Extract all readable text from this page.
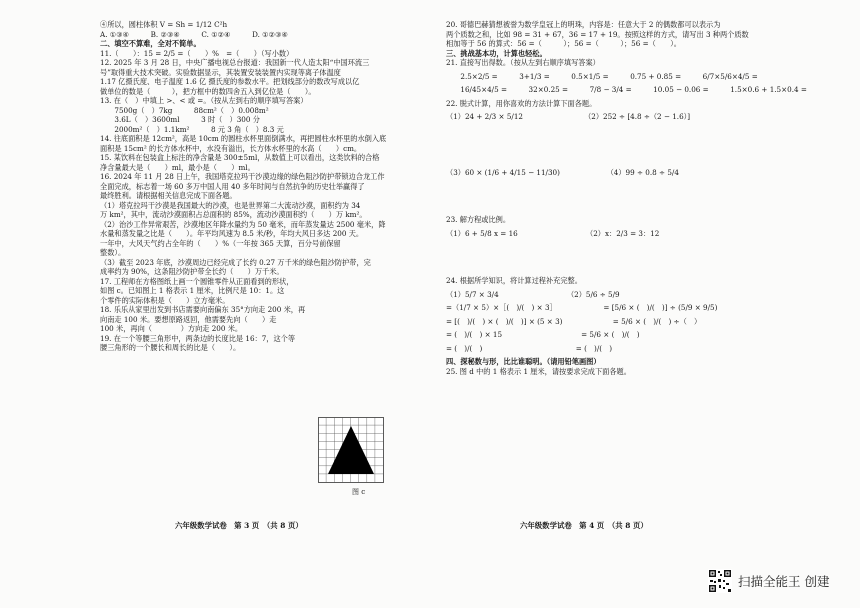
④所以，圆柱体积 V = Sh = 1/12 C²h
A. ①③④　　　B. ②③④　　　C. ①②④　　　D. ①②③④
二、填空不算难，全对不简单。
11.（　　）：15 = 2/5 =（　　）%　=（　　）（写小数）
12. 2025 年 3 月 28 日，中央广播电视总台报道：我国新一代人造太阳“中国环流三
号”取得重大技术突破。实验数据显示，其装置安装装置内实现等离子体温度
1.17 亿摄氏度、电子温度 1.6 亿 摄氏度的参数水平。把划线部分的数改写成以亿
做单位的数是（　　　），把方框中的数四舍五入到亿位是（　　）。
13. 在（　）中填上 >、< 或 =。（按从左到右的顺序填写答案）
　　7500g（　）7kg　　　88cm²（　）0.008m²
　　3.6L（　）3600ml　　　3 时（　）300 分
　　2000m²（　）1.1km²　　　8 元 3 角（　）8.3 元
14. 往底面积是 12cm²，高是 10cm 的圆柱水杯里面倒满水，再把圆柱水杯里的水倒入底
面积是 15cm² 的长方体水杯中，水没有溢出，长方体水杯里的水高（　　）cm。
15. 某饮料在包装盒上标注的净含量是 300±5ml，从数值上可以看出，这类饮料的合格
净含量最大是（　　）ml，最小是（　　）ml。
16. 2024 年 11 月 28 日上午，我国塔克拉玛干沙漠边缘的绿色阻沙防护带锁边合龙工作
全面完成，标志着一场 60 多万中国人用 40 多年时间与自然抗争的历史壮举赢得了
最终胜利。请根据相关信息完成下面各题。
（1）塔克拉玛干沙漠是我国最大的沙漠，也是世界第二大流动沙漠，面积约为 34
万 km²，其中，流动沙漠面积占总面积的 85%，流动沙漠面积约（　　）万 km²。
（2）治沙工作异常艰苦，沙漠地区年降水量约为 50 毫米，而年蒸发量达 2500 毫米，降
水量和蒸发量之比是（　　）。年平均风速为 8.5 米/秒，年均大风日多达 200 天。
一年中，大风天气约占全年的（　　）%（一年按 365 天算，百分号前保留
整数）。
（3）截至 2023 年底，沙漠周边已经完成了长约 0.27 万千米的绿色阻沙防护带，完
成率约为 90%，这条阻沙防护带全长约（　　）万千米。
17. 工程师在方格图纸上画一个圆锥零件从正面看到的形状，
如图 c。已知图上 1 格表示 1 厘米，比例尺是 10：1。这
个零件的实际体积是（　　）立方毫米。
18. 乐乐从家里出发到书店需要向南偏东 35°方向走 200 米，再
向南走 100 米。要想原路返回，他需要先向（　　）走
100 米，再向（　　　　）方向走 200 米。
19. 在一个等腰三角形中，两条边的长度比是 16：7，这个等
腰三角形的一个腰长和周长的比是（　　）。
图 c
六年级数学试卷　第 3 页　（共 8 页）
20. 哥德巴赫猜想被誉为数学皇冠上的明珠，内容是：任意大于 2 的偶数都可以表示为
两个质数之和，比如 98 = 31 + 67，36 = 17 + 19。按照这样的方式，请写出 3 种两个质数
相加等于 56 的算式：56 =（　　　）；56 =（　　　）；56 =（　　）。
三、挑战基本功，计算也轻松。
21. 直接写出得数。（按从左到右顺序填写答案）
　　2.5×2/5 =　　　3+1/3 =　　　0.5×1/5 =　　　0.75 + 0.85 =　　　6/7×5/6×4/5 =
　　16/45×4/5 =　　　32×0.25 =　　　7/8 − 3/4 =　　　10.05 − 0.06 =　　　1.5×0.6 + 1.5×0.4 =
22. 脱式计算，用你喜欢的方法计算下面各题。
（1）24 + 2/3 × 5/12　　　　　　　　　（2）252 ÷ [4.8 ÷（2 − 1.6）]
（3）60 × (1/6 + 4/15 − 11/30)　　　　　　　（4）99 ÷ 0.8 ÷ 5/4
23. 解方程或比例。
（1）6 + 5/8 x = 16　　　　　　　　　　（2）x：2/3 = 3：12
24. 根据所学知识，将计算过程补充完整。
（1）5/7 × 3/4　　　　　　　　　　（2）5/6 ÷ 5/9
=（1/7 × 5）×［(　)/(　) × 3］　　　　　　　= [5/6 × (　)/(　)] ÷ (5/9 × 9/5)
= [(　)/(　) × (　)/(　)] × (5 × 3)　　　　　　　= 5/6 × (　)/(　) ÷（　）
= (　)/(　) × 15　　　　　　　　　　　= 5/6 × (　)/(　)
= (　)/(　)　　　　　　　　　　　　　= (　)/(　)
四、探秘数与形，比比谁聪明。（请用铅笔画图）
25. 图 d 中的 1 格表示 1 厘米，请按要求完成下面各题。
六年级数学试卷　第 4 页　（共 8 页）
扫描全能王 创建
